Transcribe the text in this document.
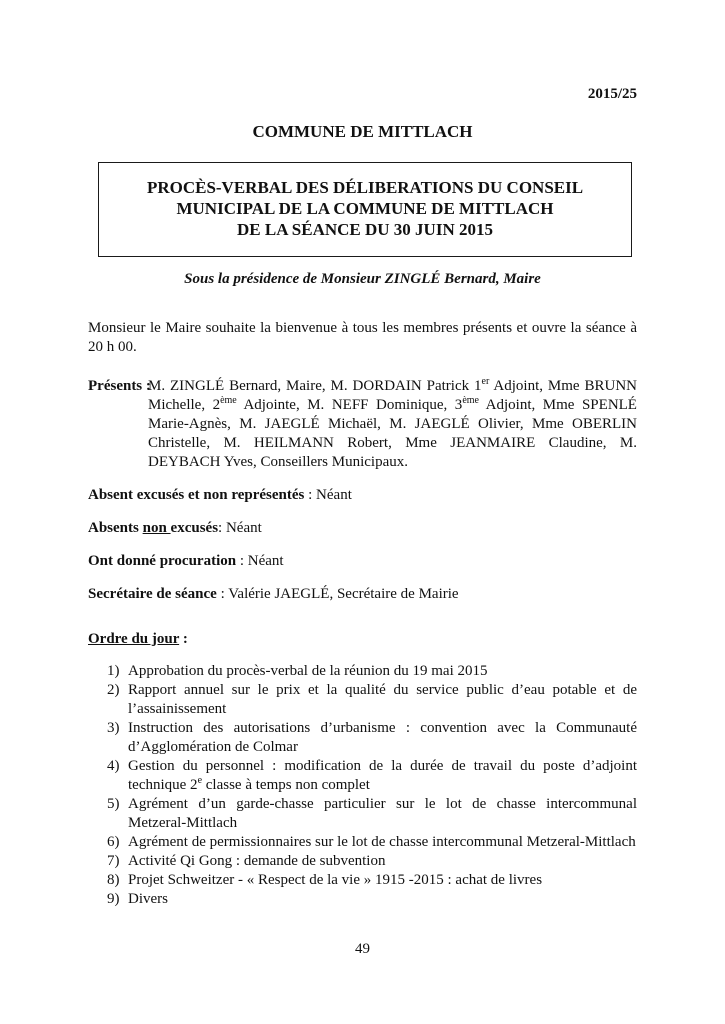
2015/25
COMMUNE DE MITTLACH
PROCÈS-VERBAL DES DÉLIBERATIONS DU CONSEIL
MUNICIPAL DE LA COMMUNE DE MITTLACH
DE LA SÉANCE DU 30 JUIN 2015
Sous la présidence de Monsieur ZINGLÉ Bernard, Maire

Monsieur le Maire souhaite la bienvenue à tous les membres présents et ouvre la séance à 20 h 00.

Présents :
M. ZINGLÉ Bernard, Maire, M. DORDAIN Patrick 1er Adjoint, Mme BRUNN Michelle, 2ème Adjointe, M. NEFF Dominique, 3ème Adjoint, Mme SPENLÉ Marie-Agnès, M. JAEGLÉ Michaël, M. JAEGLÉ Olivier, Mme OBERLIN Christelle, M. HEILMANN Robert, Mme JEANMAIRE Claudine, M. DEYBACH Yves, Conseillers Municipaux.

Absent excusés et non représentés : Néant

Absents non excusés: Néant

Ont donné procuration : Néant

Secrétaire de séance : Valérie JAEGLÉ, Secrétaire de Mairie

Ordre du jour :

1) Approbation du procès-verbal de la réunion du 19 mai 2015
2) Rapport annuel sur le prix et la qualité du service public d’eau potable et de l’assainissement
3) Instruction des autorisations d’urbanisme : convention avec la Communauté d’Agglomération de Colmar
4) Gestion du personnel : modification de la durée de travail du poste d’adjoint technique 2e classe à temps non complet
5) Agrément d’un garde-chasse particulier sur le lot de chasse intercommunal Metzeral-Mittlach
6) Agrément de permissionnaires sur le lot de chasse intercommunal Metzeral-Mittlach
7) Activité Qi Gong : demande de subvention
8) Projet Schweitzer - « Respect de la vie » 1915 -2015 : achat de livres
9) Divers
49
